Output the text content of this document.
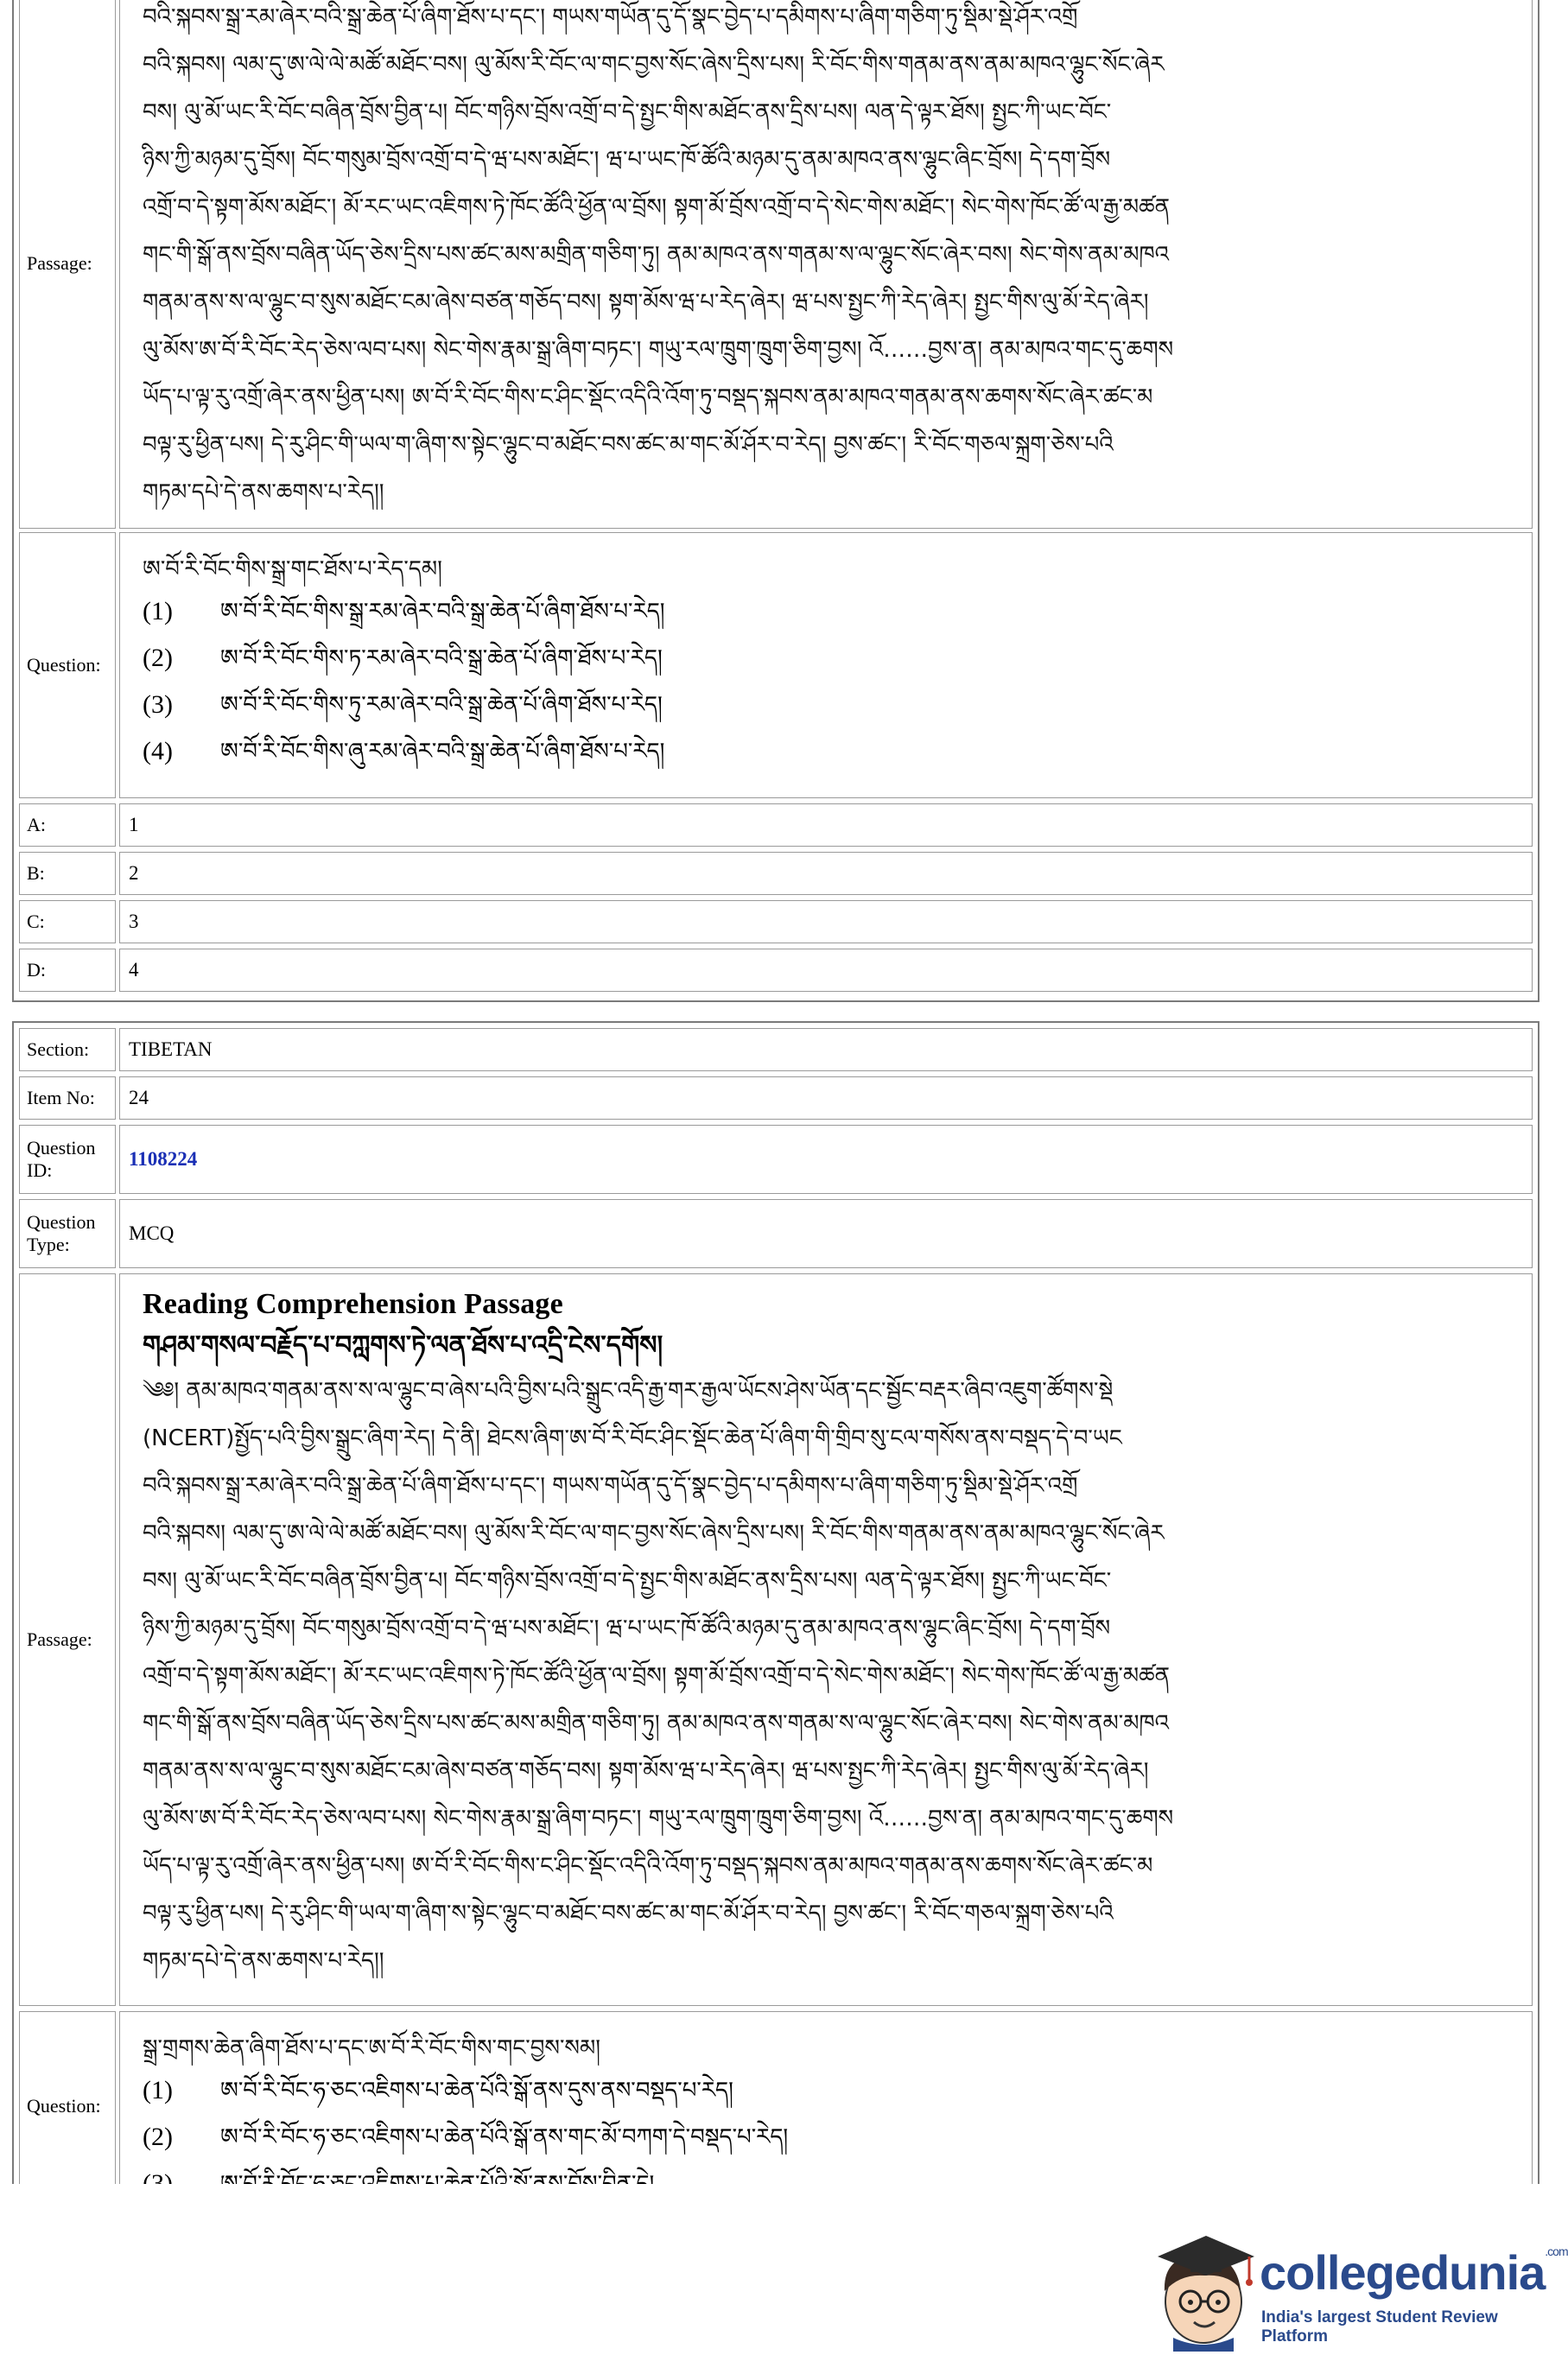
Passage:
བའི་སྐབས་སྒྲ་རམ་ཞེར་བའི་སྒྲ་ཆེན་པོ་ཞིག་ཐོས་པ་དང་། གཡས་གཡོན་དུ་དོ་སྣང་བྱེད་པ་དམིགས་པ་ཞིག་གཅིག་ཏུ་སྡིམ་སྡེ་ཤོར་འགྲོ
བའི་སྐབས། ལམ་དུ་ཨ་ལེ་ལེ་མཚོ་མཐོང་བས། ལུ་མོས་རི་བོང་ལ་གང་བྱས་སོང་ཞེས་དྲིས་པས། རི་བོང་གིས་གནམ་ནས་ནམ་མཁའ་ལྷུང་སོང་ཞེར
བས། ལུ་མོ་ཡང་རི་བོང་བཞིན་བྲོས་བྱིན་པ། བོང་གཉིས་བྲོས་འགྲོ་བ་དེ་སྤྱང་གིས་མཐོང་ནས་དྲིས་པས། ལན་དེ་ལྟར་ཐོས། སྤྱང་ཀི་ཡང་བོང་
ཉིས་ཀྱི་མཉམ་དུ་བྲོས། བོང་གསུམ་བྲོས་འགྲོ་བ་དེ་ཝ་པས་མཐོང་། ཝ་པ་ཡང་ཁོ་ཚོའི་མཉམ་དུ་ནམ་མཁའ་ནས་ལྷུང་ཞིང་བྲོས། དེ་དག་བྲོས
འགྲོ་བ་དེ་སྟག་མོས་མཐོང་། མོ་རང་ཡང་འཇིགས་ཏེ་ཁོང་ཚོའི་ཕྱོན་ལ་བྲོས། སྟག་མོ་བྲོས་འགྲོ་བ་དེ་སེང་གེས་མཐོང་། སེང་གེས་ཁོང་ཚོ་ལ་རྒྱ་མཚན
གང་གི་སྒོ་ནས་བྲོས་བཞིན་ཡོད་ཅེས་དྲིས་པས་ཚང་མས་མགྲིན་གཅིག་ཏུ། ནམ་མཁའ་ནས་གནམ་ས་ལ་ལྷུང་སོང་ཞེར་བས། སེང་གེས་ནམ་མཁའ
གནམ་ནས་ས་ལ་ལྷུང་བ་སུས་མཐོང་ངམ་ཞེས་བཙན་གཅོད་བས། སྟག་མོས་ཝ་པ་རེད་ཞེར། ཝ་པས་སྤྱང་ཀི་རེད་ཞེར། སྤྱང་གིས་ལུ་མོ་རེད་ཞེར།
ལུ་མོས་ཨ་བོ་རི་བོང་རེད་ཅེས་ལབ་པས། སེང་གེས་རྣམ་སྒྲ་ཞིག་བཏང་། གཡུ་རལ་ཁྲུག་ཁྲུག་ཅིག་བྱས། འོ……བྱས་ན། ནམ་མཁའ་གང་དུ་ཆགས
ཡོད་པ་ལྟ་རུ་འགྲོ་ཞེར་ནས་ཕྱིན་པས། ཨ་བོ་རི་བོང་གིས་ང་ཤིང་སྡོང་འདིའི་འོག་ཏུ་བསྡད་སྐབས་ནམ་མཁའ་གནམ་ནས་ཆགས་སོང་ཞེར་ཚང་མ
བལྟ་རུ་ཕྱིན་པས། དེ་རུ་ཤིང་གི་ཡལ་ག་ཞིག་ས་སྟེང་ལྷུང་བ་མཐོང་བས་ཚང་མ་གང་མོ་ཤོར་བ་རེད། བྱས་ཚང་། རི་བོང་གཅལ་སྐྲག་ཅེས་པའི
གཏམ་དཔེ་དེ་ནས་ཆགས་པ་རེད།།
Question:
ཨ་བོ་རི་བོང་གིས་སྒྲ་གང་ཐོས་པ་རེད་དམ།
(1)	ཨ་བོ་རི་བོང་གིས་སྒྲ་རམ་ཞེར་བའི་སྒྲ་ཆེན་པོ་ཞིག་ཐོས་པ་རེད།
(2)	ཨ་བོ་རི་བོང་གིས་ཏ་རམ་ཞེར་བའི་སྒྲ་ཆེན་པོ་ཞིག་ཐོས་པ་རེད།
(3)	ཨ་བོ་རི་བོང་གིས་ཏུ་རམ་ཞེར་བའི་སྒྲ་ཆེན་པོ་ཞིག་ཐོས་པ་རེད།
(4)	ཨ་བོ་རི་བོང་གིས་ཞུ་རམ་ཞེར་བའི་སྒྲ་ཆེན་པོ་ཞིག་ཐོས་པ་རེད།
A:	1
B:	2
C:	3
D:	4
Section:	TIBETAN
Item No:	24
Question ID:
1108224
Question Type:
MCQ
Passage:
Reading Comprehension Passage
གཤམ་གསལ་བརྗོད་པ་བཀླགས་ཏེ་ལན་ཐོས་པ་འདྲི་ངེས་དགོས།
༄༅། ནམ་མཁའ་གནམ་ནས་ས་ལ་ལྷུང་བ་ཞེས་པའི་བྱིས་པའི་སྒྲུང་འདི་རྒྱ་གར་རྒྱལ་ཡོངས་ཤེས་ཡོན་དང་སྦྱོང་བརྡར་ཞིབ་འཇུག་ཚོགས་སྡེ
(NCERT)སྤྱོད་པའི་བྱིས་སྒྲུང་ཞིག་རེད། དེ་ནི། ཐེངས་ཞིག་ཨ་བོ་རི་བོང་ཤིང་སྡོང་ཆེན་པོ་ཞིག་གི་གྲིབ་སུ་ངལ་གསོས་ནས་བསྡད་དེ་བ་ཡང
བའི་སྐབས་སྒྲ་རམ་ཞེར་བའི་སྒྲ་ཆེན་པོ་ཞིག་ཐོས་པ་དང་། གཡས་གཡོན་དུ་དོ་སྣང་བྱེད་པ་དམིགས་པ་ཞིག་གཅིག་ཏུ་སྡིམ་སྡེ་ཤོར་འགྲོ
བའི་སྐབས། ལམ་དུ་ཨ་ལེ་ལེ་མཚོ་མཐོང་བས། ལུ་མོས་རི་བོང་ལ་གང་བྱས་སོང་ཞེས་དྲིས་པས། རི་བོང་གིས་གནམ་ནས་ནམ་མཁའ་ལྷུང་སོང་ཞེར
བས། ལུ་མོ་ཡང་རི་བོང་བཞིན་བྲོས་བྱིན་པ། བོང་གཉིས་བྲོས་འགྲོ་བ་དེ་སྤྱང་གིས་མཐོང་ནས་དྲིས་པས། ལན་དེ་ལྟར་ཐོས། སྤྱང་ཀི་ཡང་བོང་
ཉིས་ཀྱི་མཉམ་དུ་བྲོས། བོང་གསུམ་བྲོས་འགྲོ་བ་དེ་ཝ་པས་མཐོང་། ཝ་པ་ཡང་ཁོ་ཚོའི་མཉམ་དུ་ནམ་མཁའ་ནས་ལྷུང་ཞིང་བྲོས། དེ་དག་བྲོས
འགྲོ་བ་དེ་སྟག་མོས་མཐོང་། མོ་རང་ཡང་འཇིགས་ཏེ་ཁོང་ཚོའི་ཕྱོན་ལ་བྲོས། སྟག་མོ་བྲོས་འགྲོ་བ་དེ་སེང་གེས་མཐོང་། སེང་གེས་ཁོང་ཚོ་ལ་རྒྱ་མཚན
གང་གི་སྒོ་ནས་བྲོས་བཞིན་ཡོད་ཅེས་དྲིས་པས་ཚང་མས་མགྲིན་གཅིག་ཏུ། ནམ་མཁའ་ནས་གནམ་ས་ལ་ལྷུང་སོང་ཞེར་བས། སེང་གེས་ནམ་མཁའ
གནམ་ནས་ས་ལ་ལྷུང་བ་སུས་མཐོང་ངམ་ཞེས་བཙན་གཅོད་བས། སྟག་མོས་ཝ་པ་རེད་ཞེར། ཝ་པས་སྤྱང་ཀི་རེད་ཞེར། སྤྱང་གིས་ལུ་མོ་རེད་ཞེར།
ལུ་མོས་ཨ་བོ་རི་བོང་རེད་ཅེས་ལབ་པས། སེང་གེས་རྣམ་སྒྲ་ཞིག་བཏང་། གཡུ་རལ་ཁྲུག་ཁྲུག་ཅིག་བྱས། འོ……བྱས་ན། ནམ་མཁའ་གང་དུ་ཆགས
ཡོད་པ་ལྟ་རུ་འགྲོ་ཞེར་ནས་ཕྱིན་པས། ཨ་བོ་རི་བོང་གིས་ང་ཤིང་སྡོང་འདིའི་འོག་ཏུ་བསྡད་སྐབས་ནམ་མཁའ་གནམ་ནས་ཆགས་སོང་ཞེར་ཚང་མ
བལྟ་རུ་ཕྱིན་པས། དེ་རུ་ཤིང་གི་ཡལ་ག་ཞིག་ས་སྟེང་ལྷུང་བ་མཐོང་བས་ཚང་མ་གང་མོ་ཤོར་བ་རེད། བྱས་ཚང་། རི་བོང་གཅལ་སྐྲག་ཅེས་པའི
གཏམ་དཔེ་དེ་ནས་ཆགས་པ་རེད།།
Question:
སྒྲ་གྲགས་ཆེན་ཞིག་ཐོས་པ་དང་ཨ་བོ་རི་བོང་གིས་གང་བྱས་སམ།
(1)	ཨ་བོ་རི་བོང་ཧ་ཅང་འཇིགས་པ་ཆེན་པོའི་སྒོ་ནས་དུས་ནས་བསྡད་པ་རེད།
(2)	ཨ་བོ་རི་བོང་ཧ་ཅང་འཇིགས་པ་ཆེན་པོའི་སྒོ་ནས་གང་མོ་བཀག་དེ་བསྡད་པ་རེད།
collegedunia$^{.com}$
India's largest Student Review Platform
